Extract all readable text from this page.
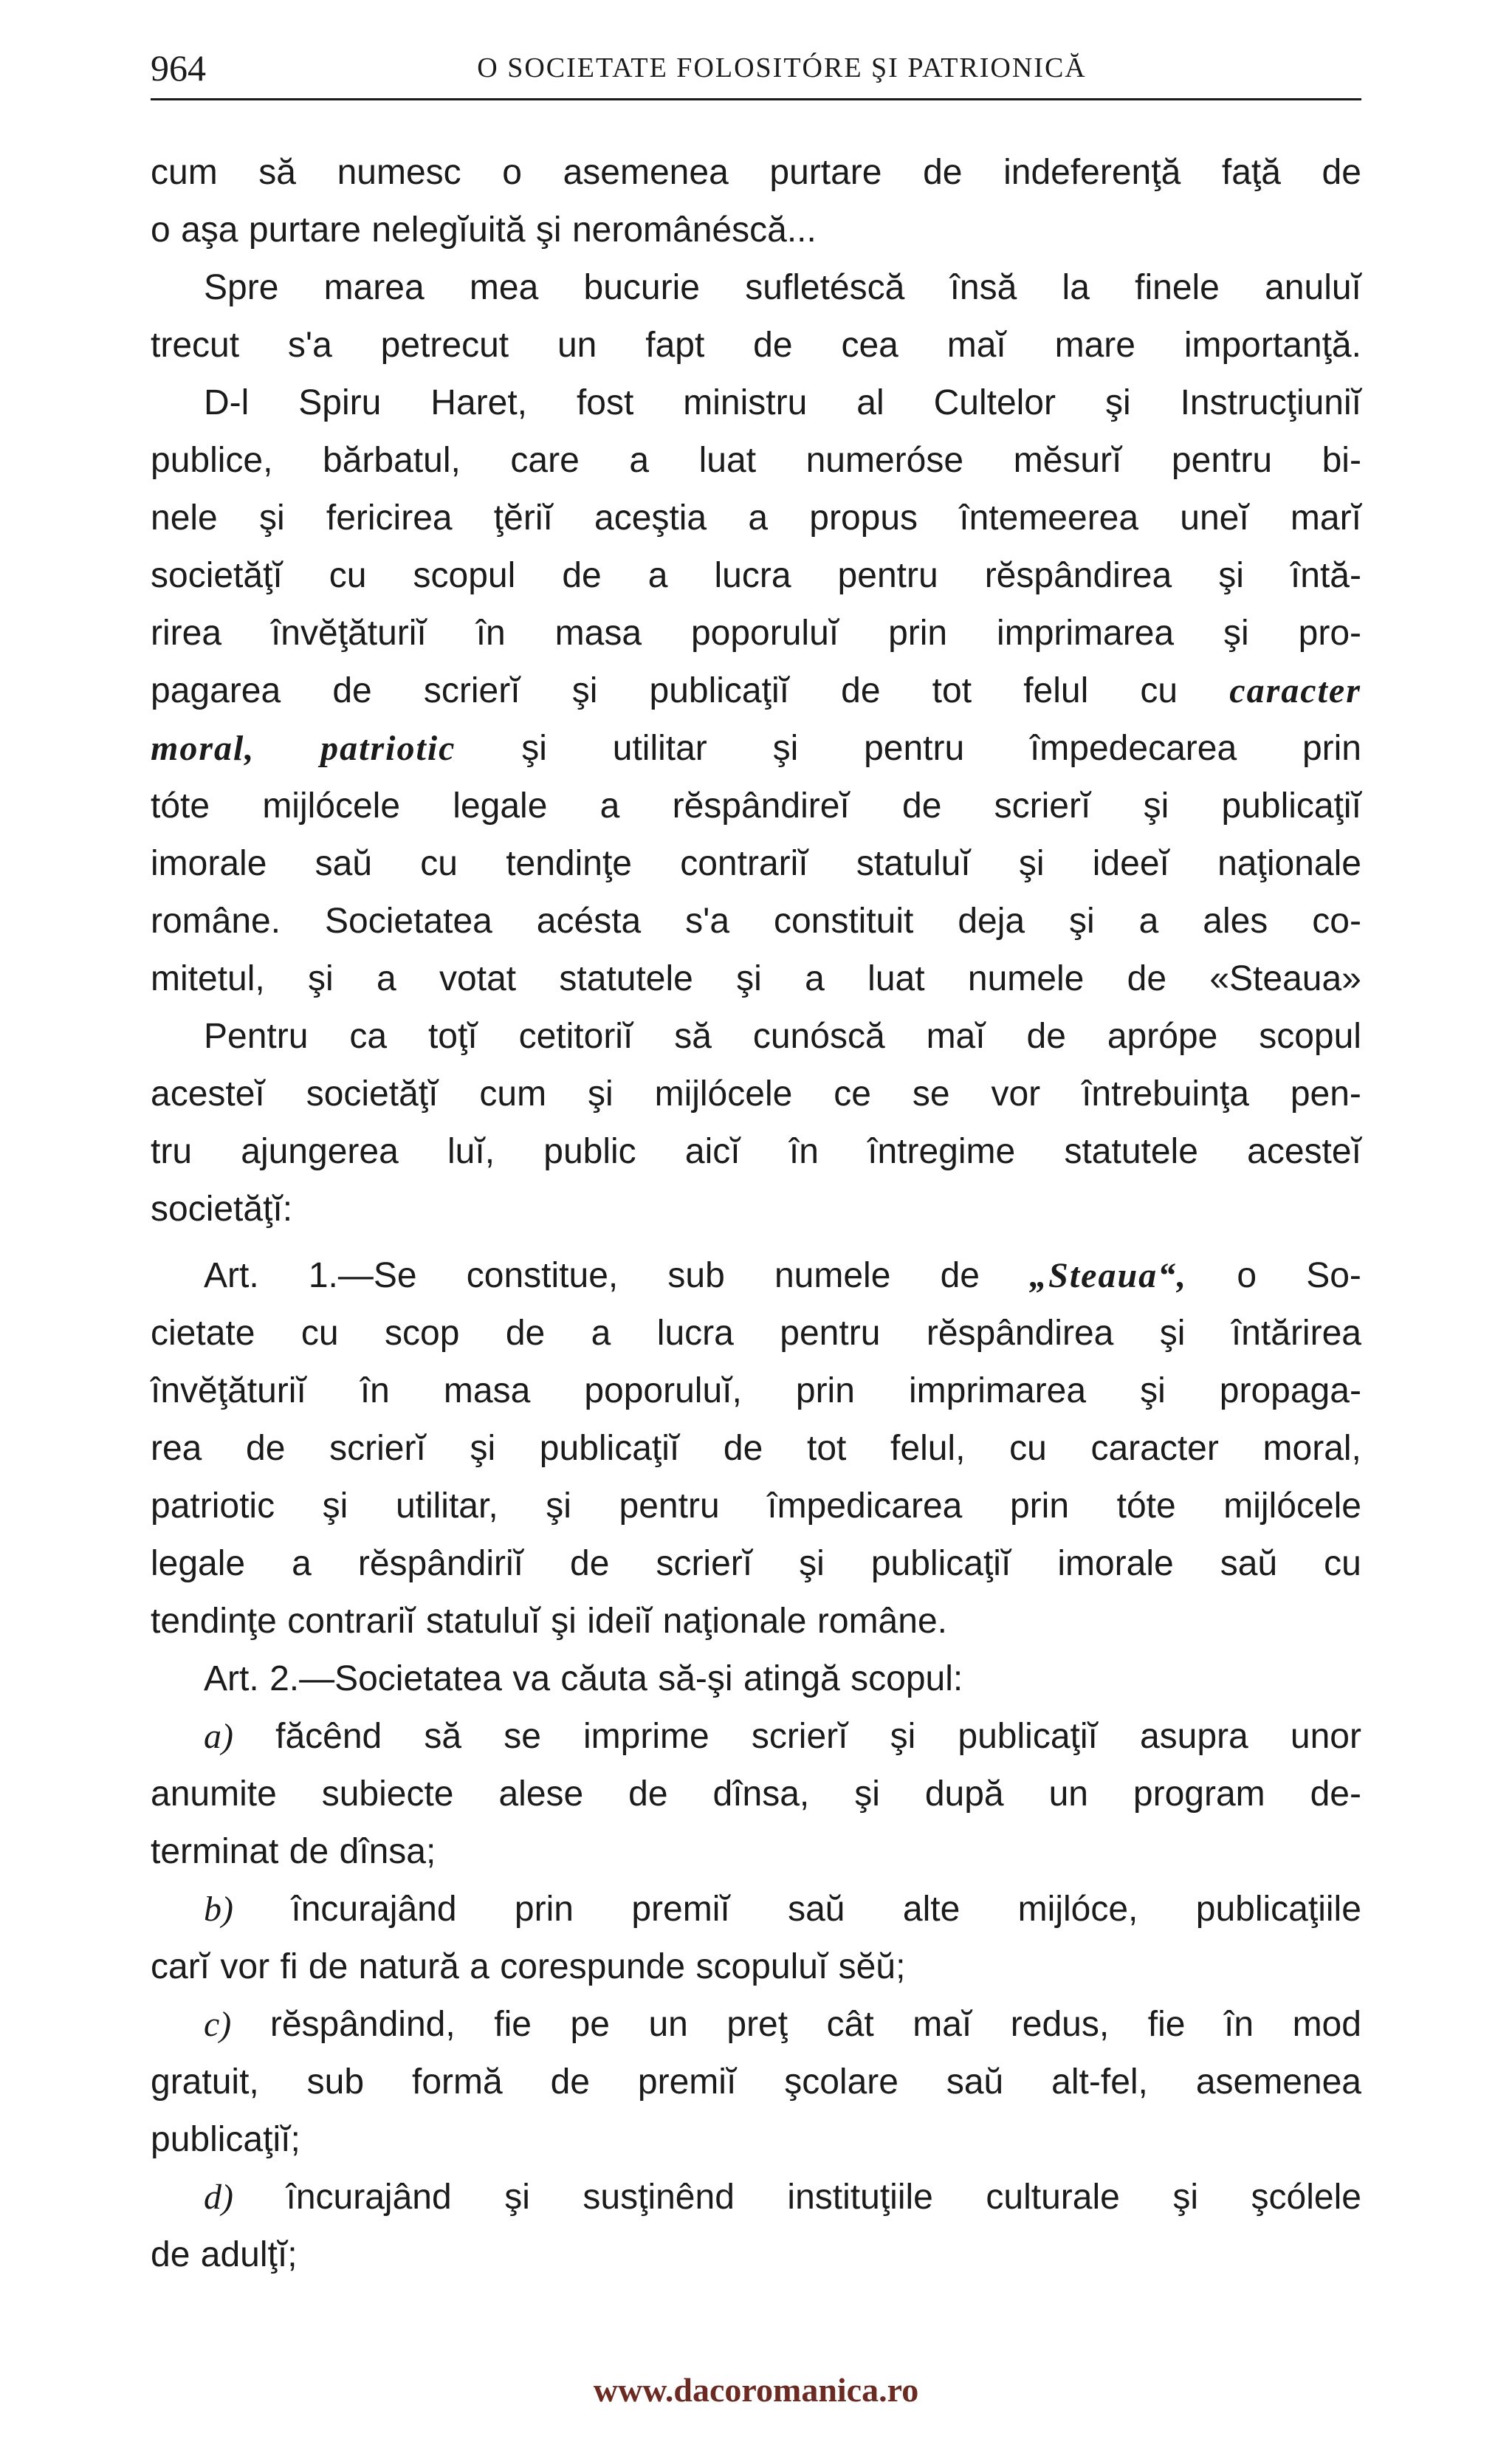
964	O SOCIETATE FOLOSITÓRE ŞI PATRIONICĂ
cum să numesc o asemenea purtare de indeferenţă faţă de
o aşa purtare nelegĭuită şi neromânéscă...
Spre marea mea bucurie sufletéscă însă la finele anuluĭ
trecut s'a petrecut un fapt de cea maĭ mare importanţă.
D-l Spiru Haret, fost ministru al Cultelor şi Instrucţiuniĭ
publice, bărbatul, care a luat numeróse mĕsurĭ pentru bi-
nele şi fericirea ţĕriĭ aceştia a propus întemeerea uneĭ marĭ
societăţĭ cu scopul de a lucra pentru rĕspândirea şi întă-
rirea învĕţăturiĭ în masa poporuluĭ prin imprimarea şi pro-
pagarea de scrierĭ şi publicaţiĭ de tot felul cu caracter
moral, patriotic şi utilitar şi pentru împedecarea prin
tóte mijlócele legale a rĕspândireĭ de scrierĭ şi publicaţiĭ
imorale saŭ cu tendinţe contrariĭ statuluĭ şi ideeĭ naţionale
române. Societatea acésta s'a constituit deja şi a ales co-
mitetul, şi a votat statutele şi a luat numele de «Steaua»
Pentru ca toţĭ cetitoriĭ să cunóscă maĭ de aprópe scopul
acesteĭ societăţĭ cum şi mijlócele ce se vor întrebuinţa pen-
tru ajungerea luĭ, public aicĭ în întregime statutele acesteĭ
societăţĭ:
Art. 1.—Se constitue, sub numele de „Steaua“, o So-
cietate cu scop de a lucra pentru rĕspândirea şi întărirea
învĕţăturiĭ în masa poporuluĭ, prin imprimarea şi propaga-
rea de scrierĭ şi publicaţiĭ de tot felul, cu caracter moral,
patriotic şi utilitar, şi pentru împedicarea prin tóte mijlócele
legale a rĕspândiriĭ de scrierĭ şi publicaţiĭ imorale saŭ cu
tendinţe contrariĭ statuluĭ şi ideiĭ naţionale române.
Art. 2.—Societatea va căuta să-şi atingă scopul:
a) făcênd să se imprime scrierĭ şi publicaţiĭ asupra unor
anumite subiecte alese de dînsa, şi după un program de-
terminat de dînsa;
b) încurajând prin premiĭ saŭ alte mijlóce, publicaţiile
carĭ vor fi de natură a corespunde scopuluĭ sĕŭ;
c) rĕspândind, fie pe un preţ cât maĭ redus, fie în mod
gratuit, sub formă de premiĭ şcolare saŭ alt-fel, asemenea
publicaţiĭ;
d) încurajând şi susţinênd instituţiile culturale şi şcólele
de adulţĭ;
www.dacoromanica.ro
